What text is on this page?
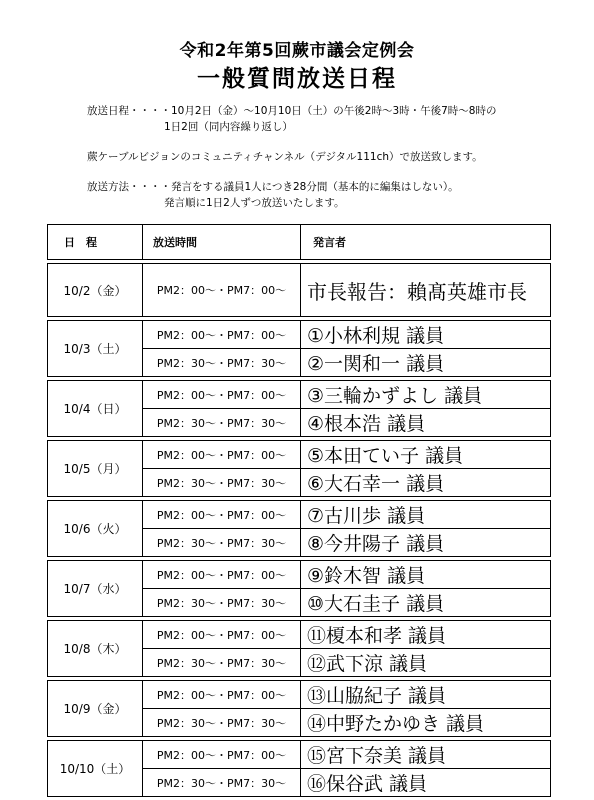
令和2年第5回蕨市議会定例会
一般質問放送日程
放送日程・・・・10月2日（金）～10月10日（土）の午後2時～3時・午後7時～8時の
1日2回（同内容繰り返し）
蕨ケーブルビジョンのコミュニティチャンネル（デジタル111ch）で放送致します。
放送方法・・・・発言をする議員1人につき28分間（基本的に編集はしない）。
発言順に1日2人ずつ放送いたします。
日　程	放送時間	発言者

10/2（金）	PM2：00～・PM7：00～	市長報告：賴髙英雄市長

10/3（土）	PM2：00～・PM7：00～	①小林利規 議員
	PM2：30～・PM7：30～	②一関和一 議員

10/4（日）	PM2：00～・PM7：00～	③三輪かずよし 議員
	PM2：30～・PM7：30～	④根本浩 議員

10/5（月）	PM2：00～・PM7：00～	⑤本田てい子 議員
	PM2：30～・PM7：30～	⑥大石幸一 議員

10/6（火）	PM2：00～・PM7：00～	⑦古川歩 議員
	PM2：30～・PM7：30～	⑧今井陽子 議員

10/7（水）	PM2：00～・PM7：00～	⑨鈴木智 議員
	PM2：30～・PM7：30～	⑩大石圭子 議員

10/8（木）	PM2：00～・PM7：00～	⑪榎本和孝 議員
	PM2：30～・PM7：30～	⑫武下涼 議員

10/9（金）	PM2：00～・PM7：00～	⑬山脇紀子 議員
	PM2：30～・PM7：30～	⑭中野たかゆき 議員

10/10（土）	PM2：00～・PM7：00～	⑮宮下奈美 議員
	PM2：30～・PM7：30～	⑯保谷武 議員
